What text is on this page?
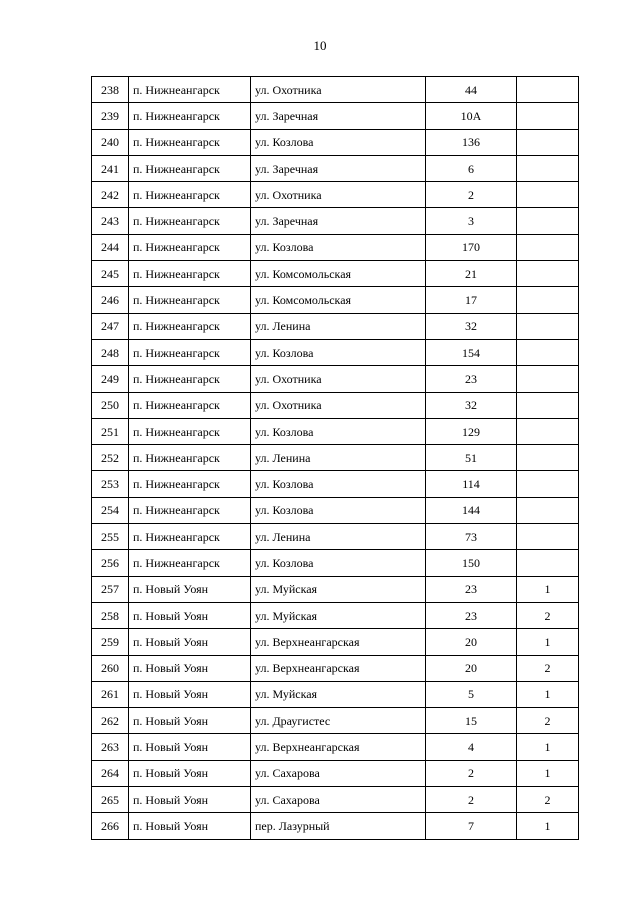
10
238	п. Нижнеангарск	ул. Охотника	44	
239	п. Нижнеангарск	ул. Заречная	10А	
240	п. Нижнеангарск	ул. Козлова	136	
241	п. Нижнеангарск	ул. Заречная	6	
242	п. Нижнеангарск	ул. Охотника	2	
243	п. Нижнеангарск	ул. Заречная	3	
244	п. Нижнеангарск	ул. Козлова	170	
245	п. Нижнеангарск	ул. Комсомольская	21	
246	п. Нижнеангарск	ул. Комсомольская	17	
247	п. Нижнеангарск	ул. Ленина	32	
248	п. Нижнеангарск	ул. Козлова	154	
249	п. Нижнеангарск	ул. Охотника	23	
250	п. Нижнеангарск	ул. Охотника	32	
251	п. Нижнеангарск	ул. Козлова	129	
252	п. Нижнеангарск	ул. Ленина	51	
253	п. Нижнеангарск	ул. Козлова	114	
254	п. Нижнеангарск	ул. Козлова	144	
255	п. Нижнеангарск	ул. Ленина	73	
256	п. Нижнеангарск	ул. Козлова	150	
257	п. Новый Уоян	ул. Муйская	23	1
258	п. Новый Уоян	ул. Муйская	23	2
259	п. Новый Уоян	ул. Верхнеангарская	20	1
260	п. Новый Уоян	ул. Верхнеангарская	20	2
261	п. Новый Уоян	ул. Муйская	5	1
262	п. Новый Уоян	ул. Драугистес	15	2
263	п. Новый Уоян	ул. Верхнеангарская	4	1
264	п. Новый Уоян	ул. Сахарова	2	1
265	п. Новый Уоян	ул. Сахарова	2	2
266	п. Новый Уоян	пер. Лазурный	7	1
